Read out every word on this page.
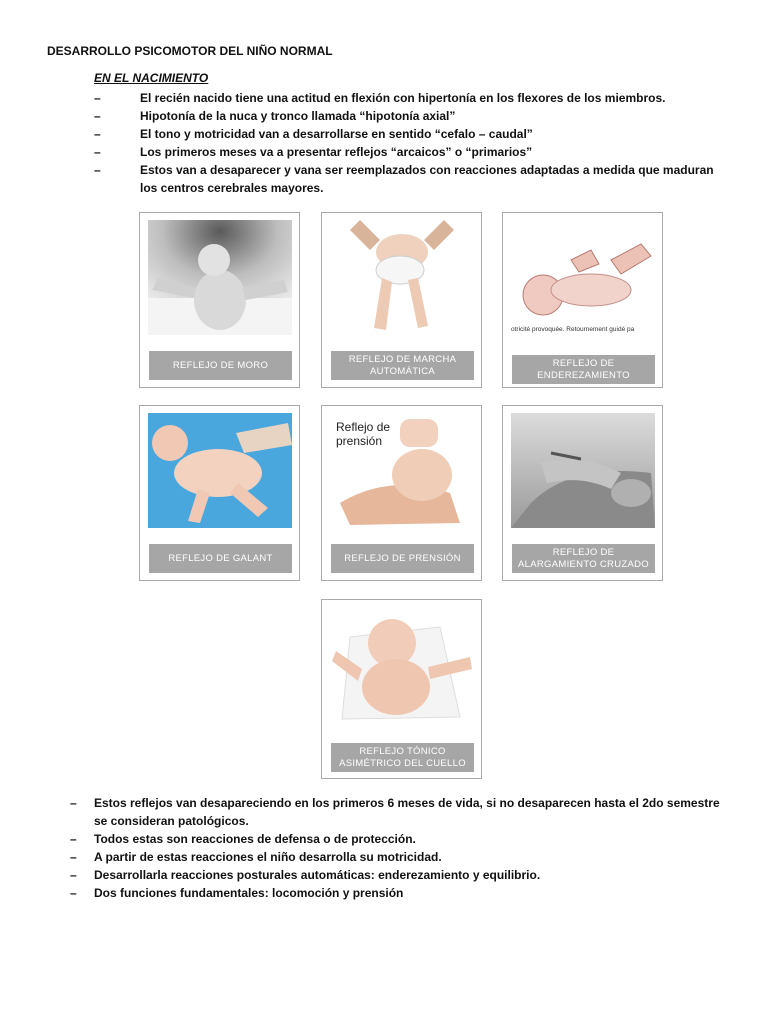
DESARROLLO PSICOMOTOR DEL NIÑO NORMAL
EN EL NACIMIENTO
–	El recién nacido tiene una actitud en flexión con hipertonía en los flexores de los miembros.
–	Hipotonía de la nuca y tronco llamada “hipotonía axial”
–	El tono y motricidad van a desarrollarse en sentido “cefalo – caudal”
–	Los primeros meses va a presentar reflejos “arcaicos” o “primarios”
–	Estos van a desaparecer y vana ser reemplazados con reacciones adaptadas a medida que maduran los centros cerebrales mayores.
REFLEJO DE MORO
REFLEJO DE MARCHA AUTOMÁTICA
otricité provoquée. Retournement guidé pa
REFLEJO DE ENDEREZAMIENTO
REFLEJO DE GALANT
Reflejo de
prensión
REFLEJO DE PRENSIÓN
REFLEJO DE ALARGAMIENTO CRUZADO
REFLEJO TÓNICO ASIMÉTRICO DEL CUELLO
– Estos reflejos van desapareciendo en los primeros 6 meses de vida, si no desaparecen hasta el 2do semestre se consideran patológicos.
– Todos estas son reacciones de defensa o de protección.
– A partir de estas reacciones el niño desarrolla su motricidad.
– Desarrollarla reacciones posturales automáticas: enderezamiento y equilibrio.
– Dos funciones fundamentales: locomoción y prensión
